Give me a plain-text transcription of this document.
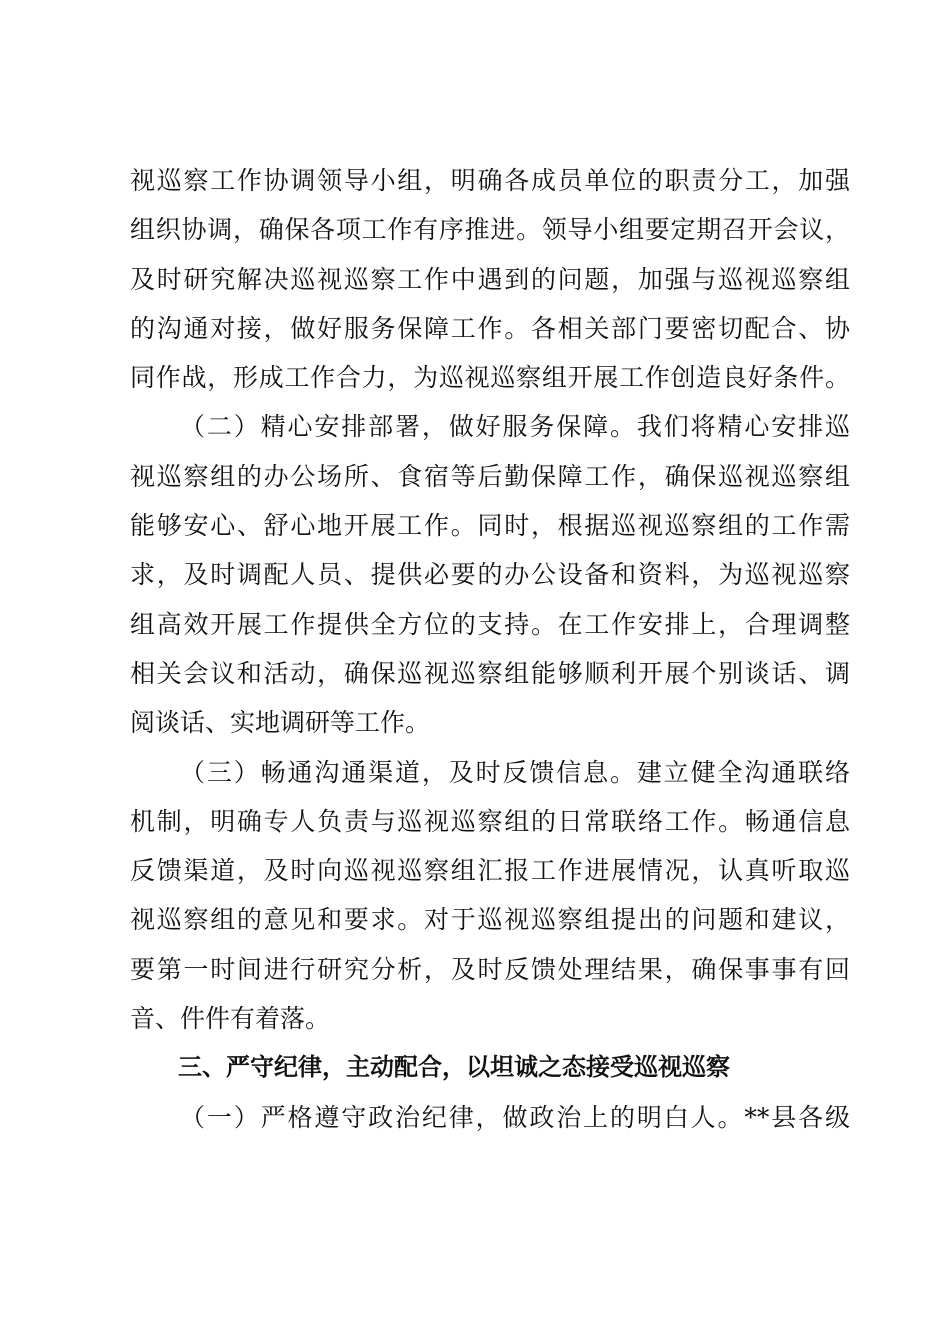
视巡察工作协调领导小组，明确各成员单位的职责分工，加强
组织协调，确保各项工作有序推进。领导小组要定期召开会议，
及时研究解决巡视巡察工作中遇到的问题，加强与巡视巡察组
的沟通对接，做好服务保障工作。各相关部门要密切配合、协
同作战，形成工作合力，为巡视巡察组开展工作创造良好条件。
（二）精心安排部署，做好服务保障。我们将精心安排巡
视巡察组的办公场所、食宿等后勤保障工作，确保巡视巡察组
能够安心、舒心地开展工作。同时，根据巡视巡察组的工作需
求，及时调配人员、提供必要的办公设备和资料，为巡视巡察
组高效开展工作提供全方位的支持。在工作安排上，合理调整
相关会议和活动，确保巡视巡察组能够顺利开展个别谈话、调
阅谈话、实地调研等工作。
（三）畅通沟通渠道，及时反馈信息。建立健全沟通联络
机制，明确专人负责与巡视巡察组的日常联络工作。畅通信息
反馈渠道，及时向巡视巡察组汇报工作进展情况，认真听取巡
视巡察组的意见和要求。对于巡视巡察组提出的问题和建议，
要第一时间进行研究分析，及时反馈处理结果，确保事事有回
音、件件有着落。
三、严守纪律，主动配合，以坦诚之态接受巡视巡察
（一）严格遵守政治纪律，做政治上的明白人。**县各级
